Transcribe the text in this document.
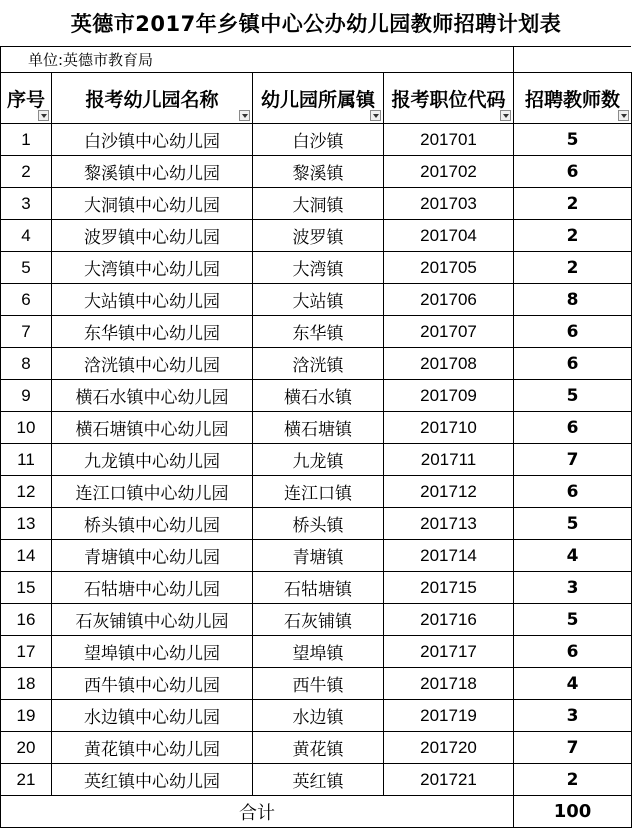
英德市2017年乡镇中心公办幼儿园教师招聘计划表
单位:英德市教育局
序号	报考幼儿园名称	幼儿园所属镇	报考职位代码	招聘教师数

1	白沙镇中心幼儿园	白沙镇	201701	5
2	黎溪镇中心幼儿园	黎溪镇	201702	6
3	大洞镇中心幼儿园	大洞镇	201703	2
4	波罗镇中心幼儿园	波罗镇	201704	2
5	大湾镇中心幼儿园	大湾镇	201705	2
6	大站镇中心幼儿园	大站镇	201706	8
7	东华镇中心幼儿园	东华镇	201707	6
8	浛洸镇中心幼儿园	浛洸镇	201708	6
9	横石水镇中心幼儿园	横石水镇	201709	5
10	横石塘镇中心幼儿园	横石塘镇	201710	6
11	九龙镇中心幼儿园	九龙镇	201711	7
12	连江口镇中心幼儿园	连江口镇	201712	6
13	桥头镇中心幼儿园	桥头镇	201713	5
14	青塘镇中心幼儿园	青塘镇	201714	4
15	石牯塘中心幼儿园	石牯塘镇	201715	3
16	石灰铺镇中心幼儿园	石灰铺镇	201716	5
17	望埠镇中心幼儿园	望埠镇	201717	6
18	西牛镇中心幼儿园	西牛镇	201718	4
19	水边镇中心幼儿园	水边镇	201719	3
20	黄花镇中心幼儿园	黄花镇	201720	7
21	英红镇中心幼儿园	英红镇	201721	2
合计				100
